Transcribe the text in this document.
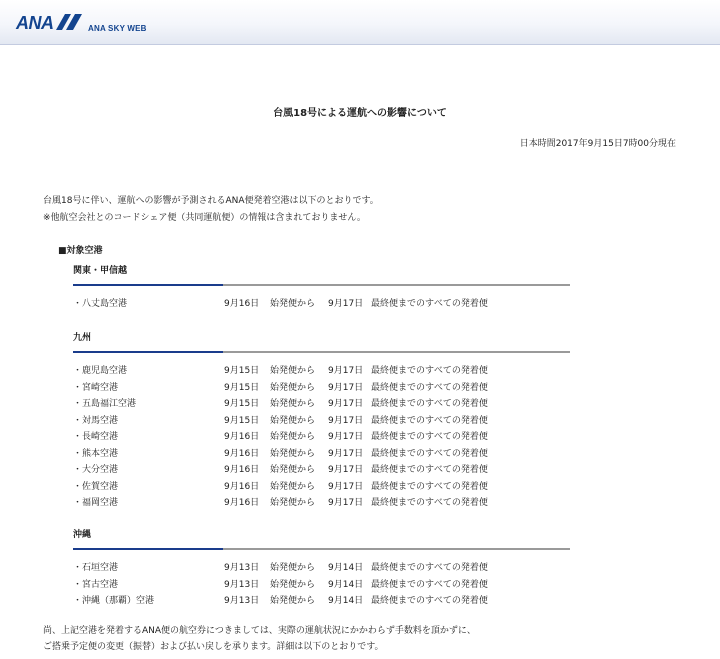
ANA	ANA SKY WEB
台風18号による運航への影響について
日本時間2017年9月15日7時00分現在

台風18号に伴い、運航への影響が予測されるANA便発着空港は以下のとおりです。

※他航空会社とのコードシェア便（共同運航便）の情報は含まれておりません。

■対象空港
関東・甲信越
・八丈島空港	9月16日 始発便から 9月17日 最終便までのすべての発着便
九州
・鹿児島空港	9月15日 始発便から 9月17日 最終便までのすべての発着便
・宮崎空港	9月15日 始発便から 9月17日 最終便までのすべての発着便
・五島福江空港	9月15日 始発便から 9月17日 最終便までのすべての発着便
・対馬空港	9月15日 始発便から 9月17日 最終便までのすべての発着便
・長崎空港	9月16日 始発便から 9月17日 最終便までのすべての発着便
・熊本空港	9月16日 始発便から 9月17日 最終便までのすべての発着便
・大分空港	9月16日 始発便から 9月17日 最終便までのすべての発着便
・佐賀空港	9月16日 始発便から 9月17日 最終便までのすべての発着便
・福岡空港	9月16日 始発便から 9月17日 最終便までのすべての発着便
沖縄
・石垣空港	9月13日 始発便から 9月14日 最終便までのすべての発着便
・宮古空港	9月13日 始発便から 9月14日 最終便までのすべての発着便
・沖縄（那覇）空港	9月13日 始発便から 9月14日 最終便までのすべての発着便

尚、上記空港を発着するANA便の航空券につきましては、実際の運航状況にかかわらず手数料を頂かずに、

ご搭乗予定便の変更（振替）および払い戻しを承ります。詳細は以下のとおりです。
